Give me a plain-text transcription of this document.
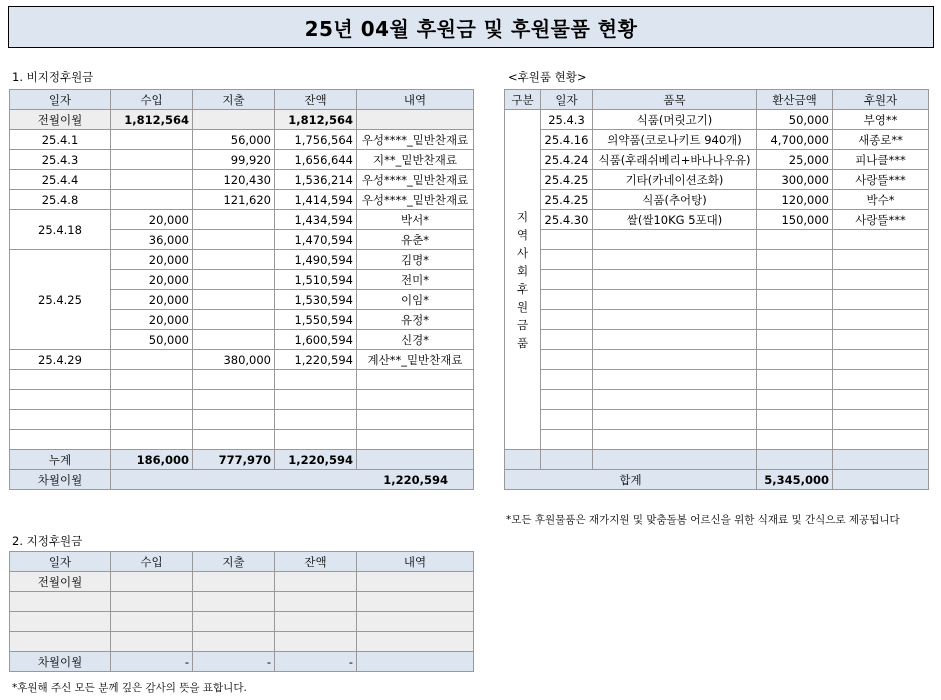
25년 04월 후원금 및 후원물품 현황
1. 비지정후원금
일자	수입	지출	잔액	내역
전월이월	1,812,564		1,812,564	
25.4.1		56,000	1,756,564	우성****_밑반찬재료
25.4.3		99,920	1,656,644	지**_밑반찬재료
25.4.4		120,430	1,536,214	우성****_밑반찬재료
25.4.8		121,620	1,414,594	우성****_밑반찬재료
25.4.18	20,000		1,434,594	박서*
	36,000		1,470,594	유춘*
25.4.25	20,000		1,490,594	김명*
	20,000		1,510,594	전미*
	20,000		1,530,594	이임*
	20,000		1,550,594	유정*
	50,000		1,600,594	신경*
25.4.29		380,000	1,220,594	계산**_밑반찬재료

누계	186,000	777,970	1,220,594	
차월이월	1,220,594			
<후원품 현황>
구분	일자	품목	환산금액	후원자

지역사회후원금품	25.4.3	식품(머릿고기)	50,000	부영**
	25.4.16	의약품(코로나키트 940개)	4,700,000	새종로**
	25.4.24	식품(후래쉬베리+바나나우유)	25,000	피나클***
	25.4.25	기타(카네이션조화)	300,000	사랑뜰***
	25.4.25	식품(추어탕)	120,000	박수*
	25.4.30	쌀(쌀10KG 5포대)	150,000	사랑뜰***

합계			5,345,000	
*모든 후원물품은 재가지원 및 맞춤돌봄 어르신을 위한 식재료 및 간식으로 제공됩니다
2. 지정후원금
일자	수입	지출	잔액	내역
전월이월				

차월이월	-	-	-	
*후원해 주신 모든 분께 깊은 감사의 뜻을 표합니다.
